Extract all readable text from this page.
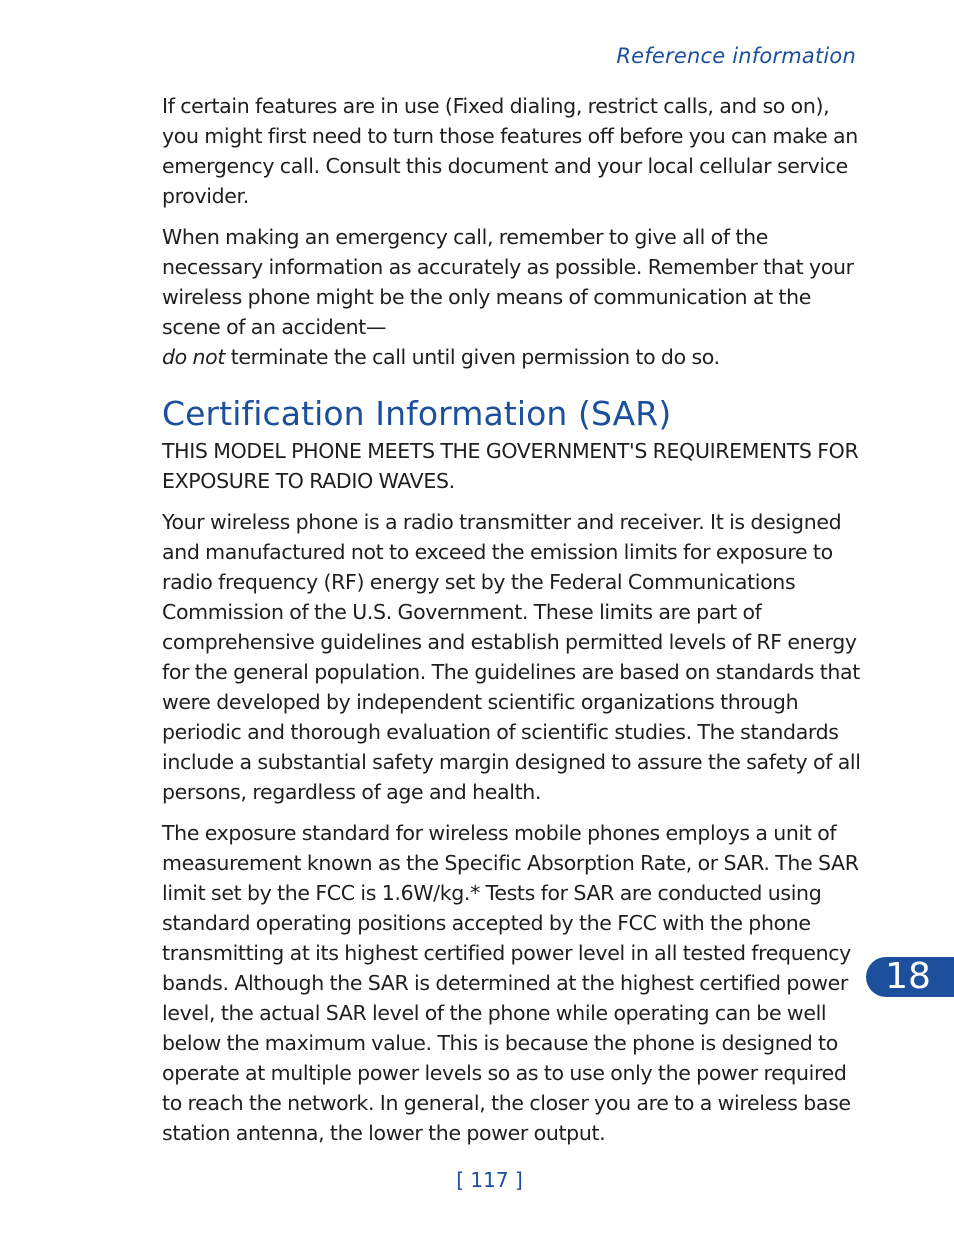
Reference information

If certain features are in use (Fixed dialing, restrict calls, and so on), you might first need to turn those features off before you can make an emergency call. Consult this document and your local cellular service provider.

When making an emergency call, remember to give all of the necessary information as accurately as possible. Remember that your wireless phone might be the only means of communication at the scene of an accident—
do not terminate the call until given permission to do so.

Certification Information (SAR)

THIS MODEL PHONE MEETS THE GOVERNMENT'S REQUIREMENTS FOR EXPOSURE TO RADIO WAVES.

Your wireless phone is a radio transmitter and receiver. It is designed and manufactured not to exceed the emission limits for exposure to radio frequency (RF) energy set by the Federal Communications Commission of the U.S. Government. These limits are part of comprehensive guidelines and establish permitted levels of RF energy for the general population. The guidelines are based on standards that were developed by independent scientific organizations through periodic and thorough evaluation of scientific studies. The standards include a substantial safety margin designed to assure the safety of all persons, regardless of age and health.

The exposure standard for wireless mobile phones employs a unit of measurement known as the Specific Absorption Rate, or SAR. The SAR limit set by the FCC is 1.6W/kg.* Tests for SAR are conducted using standard operating positions accepted by the FCC with the phone transmitting at its highest certified power level in all tested frequency bands. Although the SAR is determined at the highest certified power level, the actual SAR level of the phone while operating can be well below the maximum value. This is because the phone is designed to operate at multiple power levels so as to use only the power required to reach the network. In general, the closer you are to a wireless base station antenna, the lower the power output.

18
[ 117 ]
